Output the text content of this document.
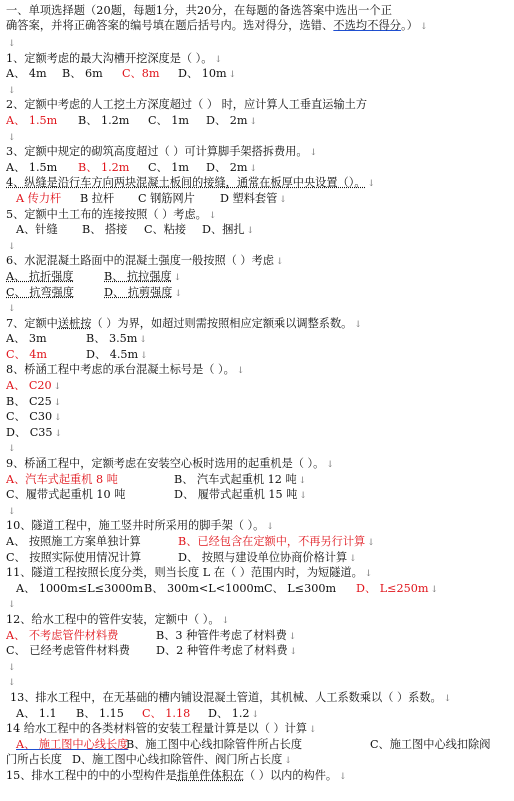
一、单项选择题（20题，每题1分，共20分，在每题的备选答案中选出一个正
确答案，并将正确答案的编号填在题后括号内。选对得分，选错、不选均不得分。） ↓
↓
1、定额考虑的最大沟槽开挖深度是（ ）。 ↓
A、 4m B、 6m C、8m D、 10m ↓
↓
2、定额中考虑的人工挖土方深度超过（ ） 时，应计算人工垂直运输土方
A、 1.5m B、 1.2m C、 1m D、 2m ↓
↓
3、定额中规定的砌筑高度超过（ ）可计算脚手架搭拆费用。 ↓
A、 1.5m B、 1.2m C、 1m D、 2m ↓
4、纵缝是沿行车方向两块混凝土板间的接缝，通常在板厚中央设置（）。 ↓
A 传力杆 B 拉杆 C 钢筋网片 D 塑料套管 ↓
5、定额中土工布的连接按照（ ）考虑。 ↓
A、针缝 B、 搭接 C、粘接 D、捆扎 ↓
↓
6、水泥混凝土路面中的混凝土强度一般按照（ ）考虑 ↓
A、 抗折强度	B、 抗拉强度 ↓
C、 抗弯强度	D、 抗剪强度 ↓
↓
7、定额中送桩按（ ）为界，如超过则需按照相应定额乘以调整系数。 ↓
A、 3m	B、 3.5m ↓
C、 4m	D、 4.5m ↓
8、桥涵工程中考虑的承台混凝土标号是（ ）。 ↓
A、 C20 ↓
B、 C25 ↓
C、 C30 ↓
D、 C35 ↓
↓
9、桥涵工程中，定额考虑在安装空心板时选用的起重机是（ ）。 ↓
A、汽车式起重机 8 吨	B、 汽车式起重机 12 吨 ↓
C、履带式起重机 10 吨	D、 履带式起重机 15 吨 ↓
↓
10、隧道工程中，施工竖井时所采用的脚手架（ ）。 ↓
A、 按照施工方案单独计算	B、已经包含在定额中，不再另行计算 ↓
C、 按照实际使用情况计算	D、 按照与建设单位协商价格计算 ↓
11、隧道工程按照长度分类，则当长度 L 在（ ）范围内时，为短隧道。 ↓
A、 1000m≤L≤3000mB、 300m<L<1000mC、 L≤300m D、 L≤250m ↓
↓
12、给水工程中的管件安装，定额中（ ）。 ↓
A、 不考虑管件材料费	B、3 种管件考虑了材料费 ↓
C、 已经考虑管件材料费 D、2 种管件考虑了材料费 ↓
↓
↓
13、排水工程中，在无基础的槽内铺设混凝土管道，其机械、人工系数乘以（ ）系数。 ↓
A、 1.1 B、 1.15 C、 1.18 D、 1.2 ↓
14 给水工程中的各类材料管的安装工程量计算是以（ ）计算 ↓
A、 施工图中心线长度B、施工图中心线扣除管件所占长度	C、施工图中心线扣除阀
门所占长度 D、施工图中心线扣除管件、阀门所占长度 ↓
15、排水工程中的中的小型构件是指单件体积在（ ）以内的构件。 ↓
